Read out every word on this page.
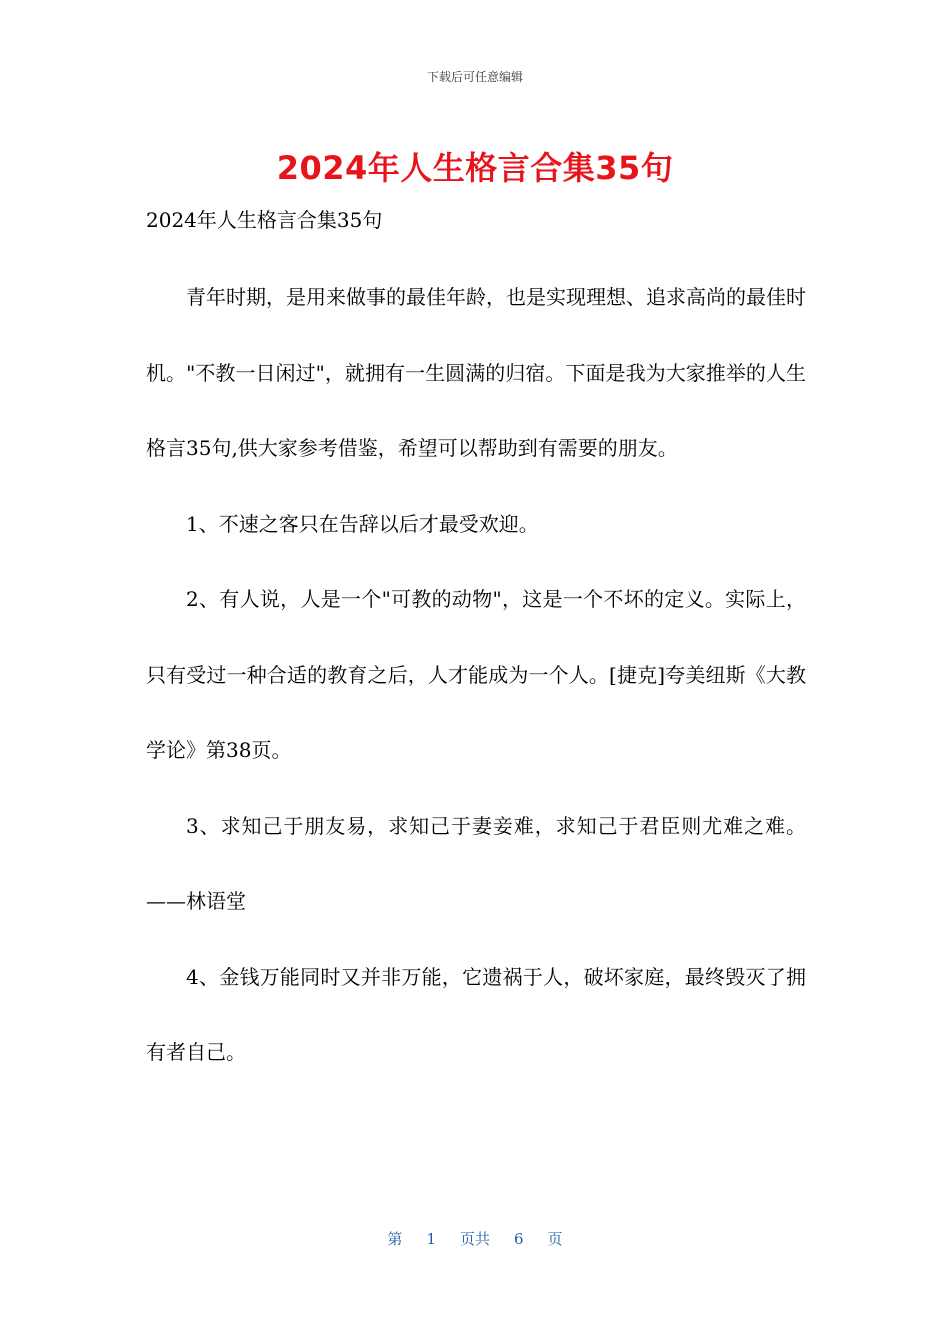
下载后可任意编辑
2024年人生格言合集35句
2024年人生格言合集35句

青年时期，是用来做事的最佳年龄，也是实现理想、追求高尚的最佳时机。"不教一日闲过"，就拥有一生圆满的归宿。下面是我为大家推举的人生格言35句,供大家参考借鉴，希望可以帮助到有需要的朋友。

1、不速之客只在告辞以后才最受欢迎。

2、有人说，人是一个"可教的动物"，这是一个不坏的定义。实际上，只有受过一种合适的教育之后，人才能成为一个人。[捷克]夸美纽斯《大教学论》第38页。

3、求知己于朋友易，求知己于妻妾难，求知己于君臣则尤难之难。——林语堂

4、金钱万能同时又并非万能，它遗祸于人，破坏家庭，最终毁灭了拥有者自己。

第 1 页共 6 页
